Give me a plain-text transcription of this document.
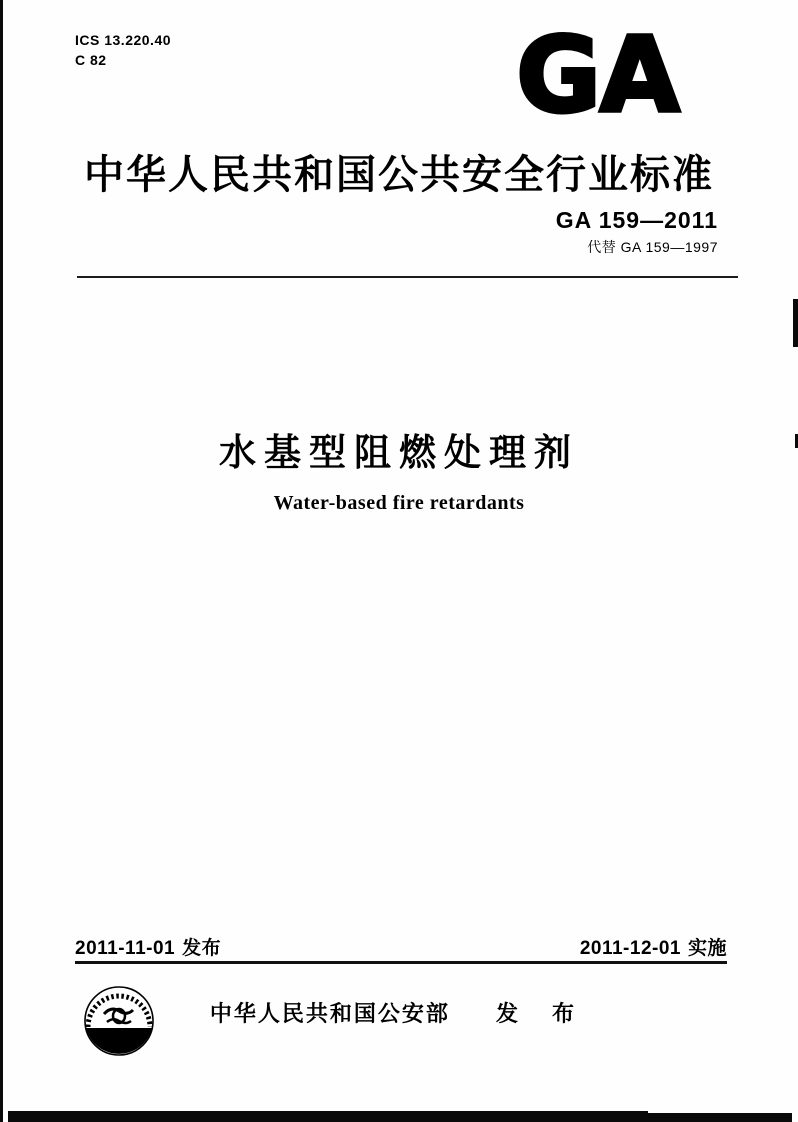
ICS 13.220.40
C 82	GA
中华人民共和国公共安全行业标准
GA 159—2011
代替 GA 159—1997
水基型阻燃处理剂
Water-based fire retardants
2011-11-01 发布	2011-12-01 实施
中华人民共和国公安部 发 布
